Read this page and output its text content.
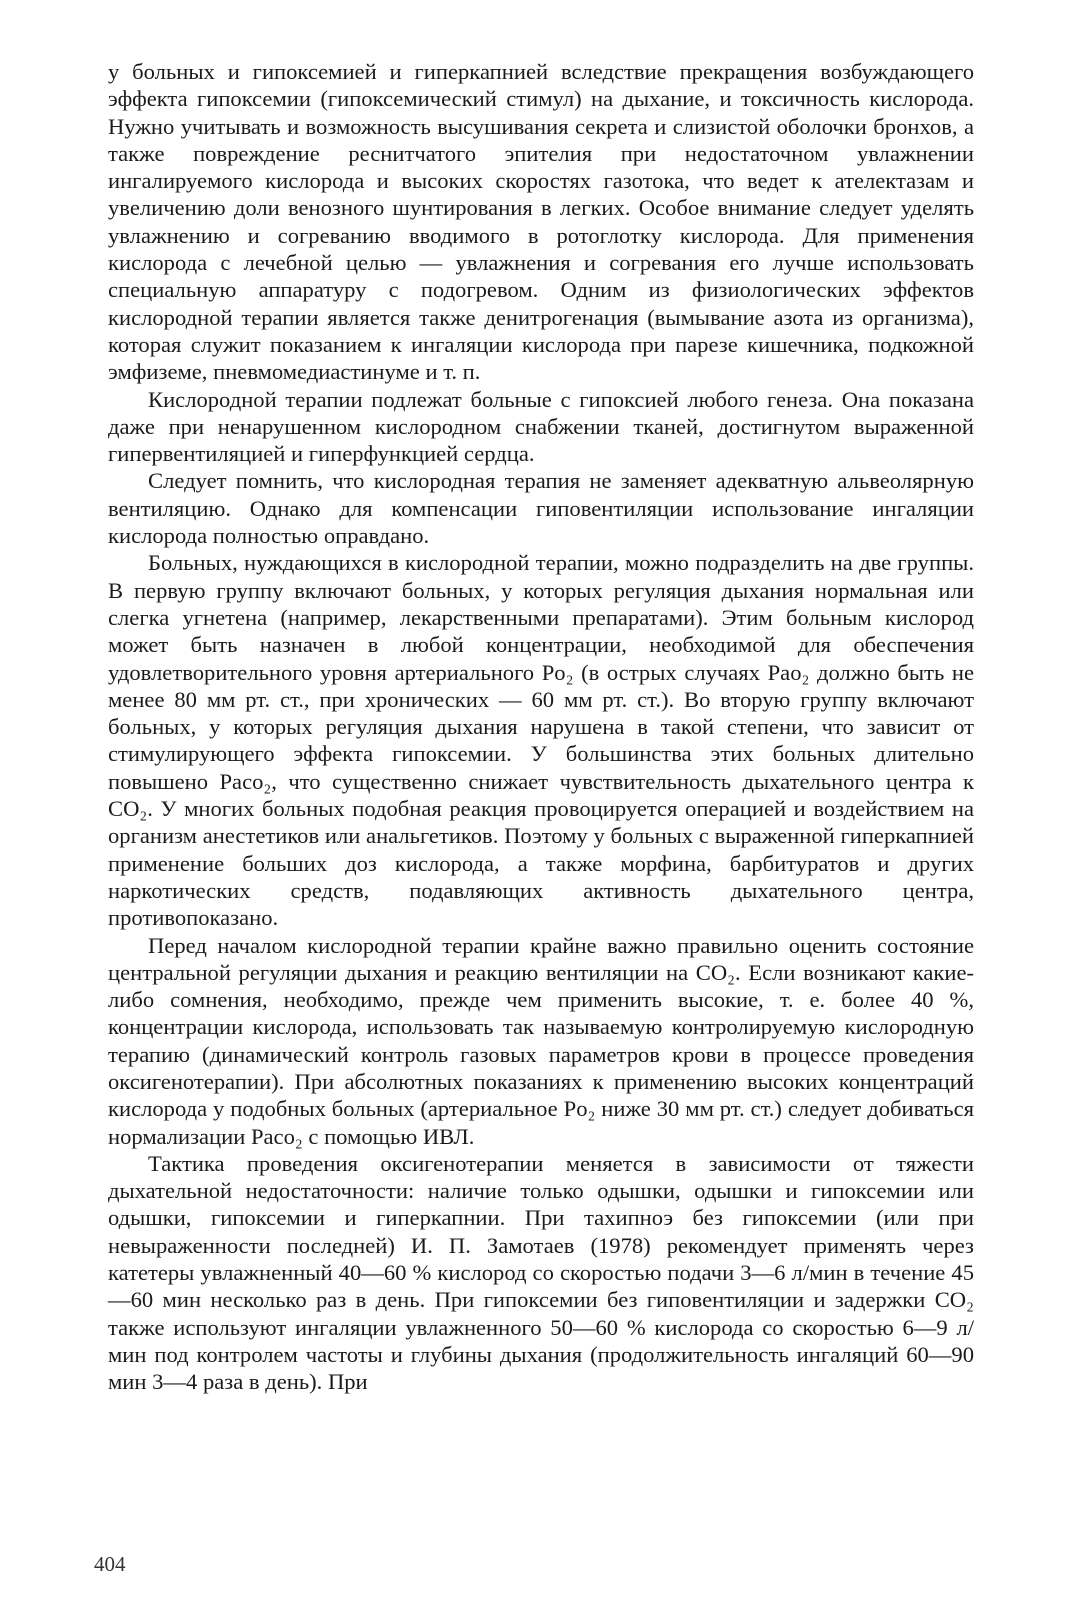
у больных и гипоксемией и гиперкапнией вследствие прекращения возбуждающего эффекта гипоксемии (гипоксемический стимул) на дыхание, и токсичность кислорода. Нужно учитывать и возможность высушивания секрета и слизистой оболочки бронхов, а также повреждение реснитчатого эпителия при недостаточном увлажнении ингалируемого кислорода и высоких скоростях газотока, что ведет к ателектазам и увеличению доли венозного шунтирования в легких. Особое внимание следует уделять увлажнению и согреванию вводимого в ротоглотку кислорода. Для применения кислорода с лечебной целью — увлажнения и согревания его лучше использовать специальную аппаратуру с подогревом. Одним из физиологических эффектов кислородной терапии является также денитрогенация (вымывание азота из организма), которая служит показанием к ингаляции кислорода при парезе кишечника, подкожной эмфиземе, пневмомедиастинуме и т. п.

Кислородной терапии подлежат больные с гипоксией любого генеза. Она показана даже при ненарушенном кислородном снабжении тканей, достигнутом выраженной гипервентиляцией и гиперфункцией сердца.

Следует помнить, что кислородная терапия не заменяет адекватную альвеолярную вентиляцию. Однако для компенсации гиповентиляции использование ингаляции кислорода полностью оправдано.

Больных, нуждающихся в кислородной терапии, можно подразделить на две группы. В первую группу включают больных, у которых регуляция дыхания нормальная или слегка угнетена (например, лекарственными препаратами). Этим больным кислород может быть назначен в любой концентрации, необходимой для обеспечения удовлетворительного уровня артериального Pо₂ (в острых случаях Paо₂ должно быть не менее 80 мм рт. ст., при хронических — 60 мм рт. ст.). Во вторую группу включают больных, у которых регуляция дыхания нарушена в такой степени, что зависит от стимулирующего эффекта гипоксемии. У большинства этих больных длительно повышено Paсо₂, что существенно снижает чувствительность дыхательного центра к CO₂. У многих больных подобная реакция провоцируется операцией и воздействием на организм анестетиков или анальгетиков. Поэтому у больных с выраженной гиперкапнией применение больших доз кислорода, а также морфина, барбитуратов и других наркотических средств, подавляющих активность дыхательного центра, противопоказано.

Перед началом кислородной терапии крайне важно правильно оценить состояние центральной регуляции дыхания и реакцию вентиляции на CO₂. Если возникают какие-либо сомнения, необходимо, прежде чем применить высокие, т. е. более 40 %, концентрации кислорода, использовать так называемую контролируемую кислородную терапию (динамический контроль газовых параметров крови в процессе проведения оксигенотерапии). При абсолютных показаниях к применению высоких концентраций кислорода у подобных больных (артериальное Pо₂ ниже 30 мм рт. ст.) следует добиваться нормализации Paсо₂ с помощью ИВЛ.

Тактика проведения оксигенотерапии меняется в зависимости от тяжести дыхательной недостаточности: наличие только одышки, одышки и гипоксемии или одышки, гипоксемии и гиперкапнии. При тахипноэ без гипоксемии (или при невыраженности последней) И. П. Замотаев (1978) рекомендует применять через катетеры увлажненный 40—60 % кислород со скоростью подачи 3—6 л/мин в течение 45—60 мин несколько раз в день. При гипоксемии без гиповентиляции и задержки CO₂ также используют ингаляции увлажненного 50—60 % кислорода со скоростью 6—9 л/мин под контролем частоты и глубины дыхания (продолжительность ингаляций 60—90 мин 3—4 раза в день). При

404
